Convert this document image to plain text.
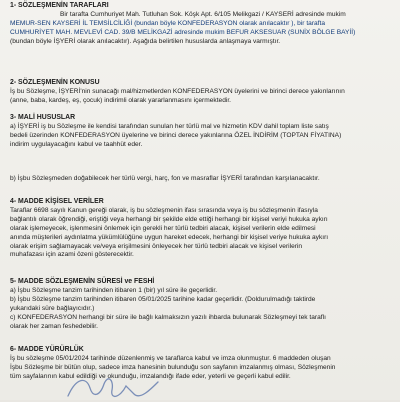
1- SÖZLEŞMENİN TARAFLARI

Bir tarafta Cumhuriyet Mah. Tutluhan Sok. Köşk Apt. 6/105 Melikgazi / KAYSERİ adresinde mukim

MEMUR-SEN KAYSERİ İL TEMSİLCİLİĞİ (bundan böyle KONFEDERASYON olarak anılacaktır ), bir tarafta

CUMHURİYET MAH. MEVLEVİ CAD. 39/B MELİKGAZİ adresinde mukim BEFUR AKSESUAR (SUNİX BÖLGE BAYİİ)

(bundan böyle İŞYERİ olarak anılacaktır). Aşağıda belirtilen hususlarda anlaşmaya varmıştır.

2- SÖZLEŞMENİN KONUSU

İş bu Sözleşme, İŞYERİ'nin sunacağı mal/hizmetlerden KONFEDERASYON üyelerini ve birinci derece yakınlarının

(anne, baba, kardeş, eş, çocuk) indirimli olarak yararlanmasını içermektedir.

3- MALİ HUSUSLAR

a) İŞYERİ iş bu Sözleşme ile kendisi tarafından sunulan her türlü mal ve hizmetin KDV dahil toplam liste satış

bedeli üzerinden KONFEDERASYON üyelerine ve birinci derece yakınlarına ÖZEL İNDİRİM (TOPTAN FİYATINA)

indirim uygulayacağını kabul ve taahhüt eder.

b) İşbu Sözleşmeden doğabilecek her türlü vergi, harç, fon ve masraflar İŞYERİ tarafından karşılanacaktır.

4- MADDE KİŞİSEL VERİLER

Taraflar 6698 sayılı Kanun gereği olarak, iş bu sözleşmenin ifası sırasında veya iş bu sözleşmenin ifasıyla

bağlantılı olarak öğrendiği, eriştiği veya herhangi bir şekilde elde ettiği herhangi bir kişisel veriyi hukuka aykırı

olarak işlemeyecek, işlenmesini önlemek için gerekli her türlü tedbiri alacak, kişisel verilerin elde edilmesi

anında müşterileri aydınlatma yükümlülüğüne uygun hareket edecek, herhangi bir kişisel veriye hukuka aykırı

olarak erişim sağlamayacak ve/veya erişilmesini önleyecek her türlü tedbiri alacak ve kişisel verilerin

muhafazası için azami özeni gösterecektir.

5- MADDE SÖZLEŞMENİN SÜRESİ ve FESHİ

a) İşbu Sözleşme tanzim tarihinden itibaren 1 (bir) yıl süre ile geçerlidir.

b) İşbu Sözleşme tanzim tarihinden itibaren 05/01/2025 tarihine kadar geçerlidir. (Doldurulmadığı taktirde

yukarıdaki süre bağlayıcıdır.)

c) KONFEDERASYON herhangi bir süre ile bağlı kalmaksızın yazılı ihbarda bulunarak Sözleşmeyi tek taraflı

olarak her zaman feshedebilir.

6- MADDE YÜRÜRLÜK

İş bu sözleşme 05/01/2024 tarihinde düzenlenmiş ve taraflarca kabul ve imza olunmuştur. 6 maddeden oluşan

İşbu Sözleşme bir bütün olup, sadece imza hanesinin bulunduğu son sayfanın imzalanmış olması, Sözleşmenin

tüm sayfalarının kabul edildiği ve okunduğu, imzalandığı ifade eder, yeterli ve geçerli kabul edilir.
